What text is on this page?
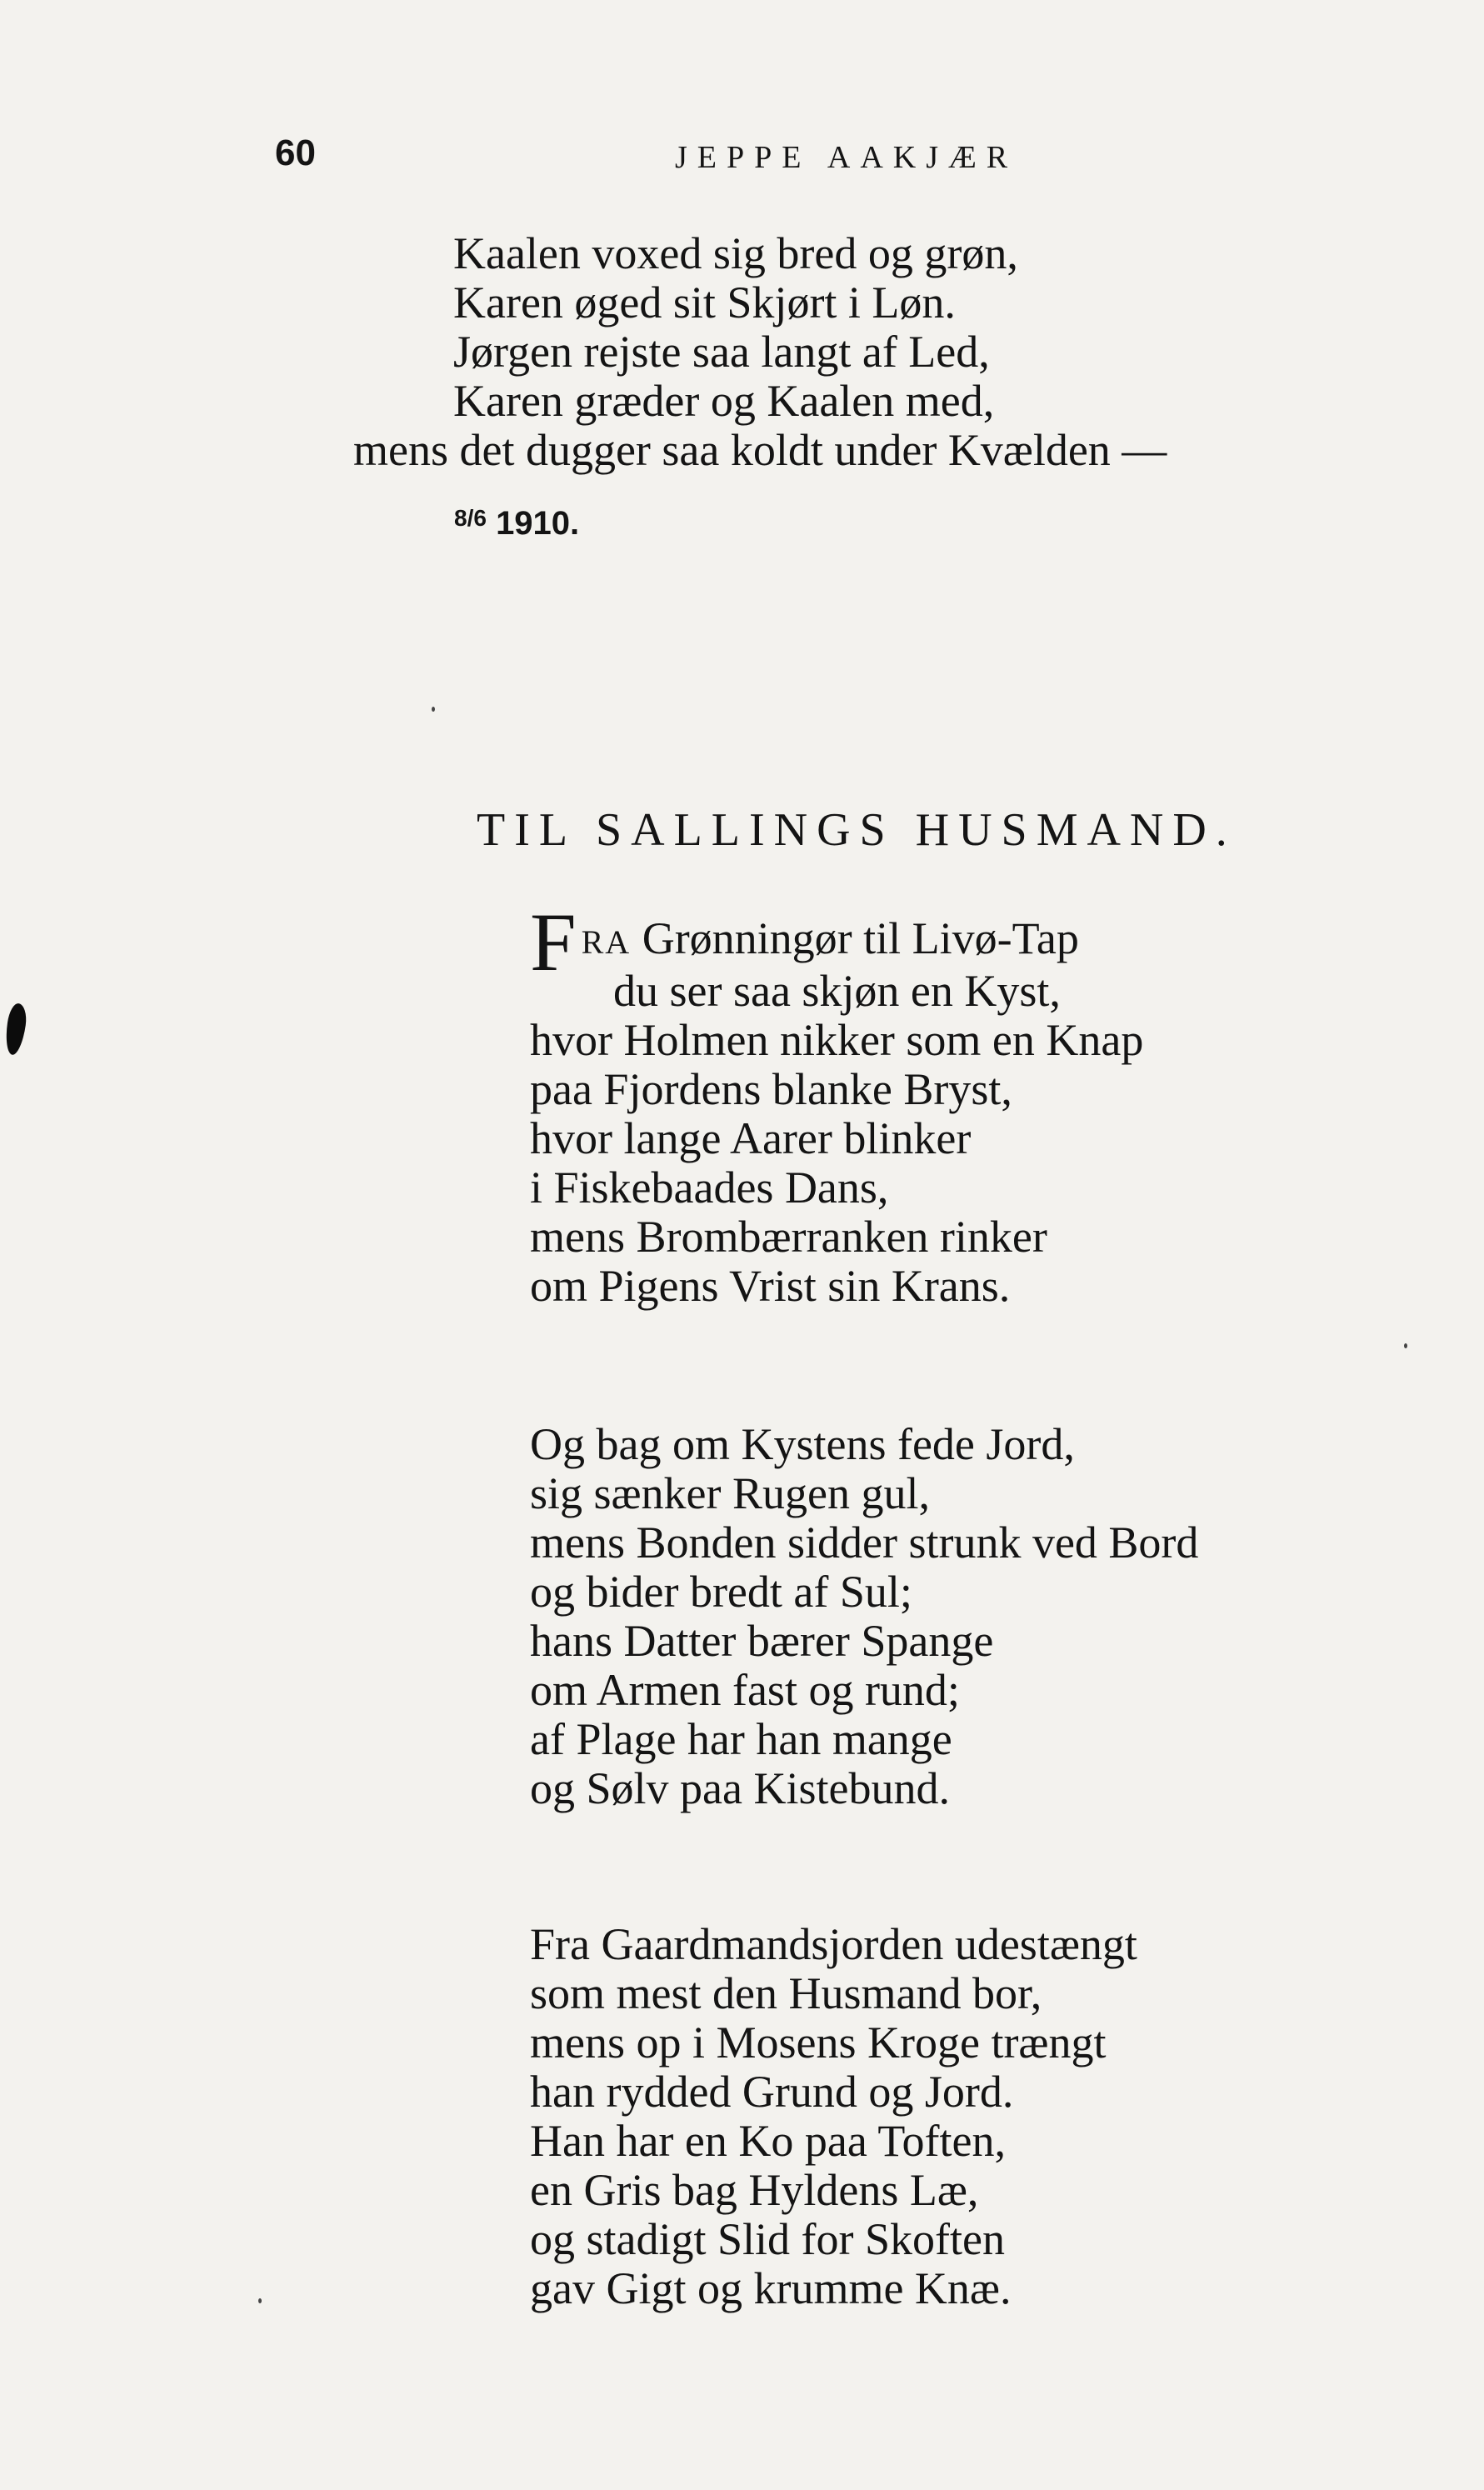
60	JEPPE AAKJÆR
Kaalen voxed sig bred og grøn,
Karen øged sit Skjørt i Løn.
Jørgen rejste saa langt af Led,
Karen græder og Kaalen med,
mens det dugger saa koldt under Kvælden —
$^{8/6}$ 1910.
TIL SALLINGS HUSMAND.
F RA Grønningør til Livø-Tap
du ser saa skjøn en Kyst,
hvor Holmen nikker som en Knap
paa Fjordens blanke Bryst,
hvor lange Aarer blinker
i Fiskebaades Dans,
mens Brombærranken rinker
om Pigens Vrist sin Krans.
Og bag om Kystens fede Jord,
sig sænker Rugen gul,
mens Bonden sidder strunk ved Bord
og bider bredt af Sul;
hans Datter bærer Spange
om Armen fast og rund;
af Plage har han mange
og Sølv paa Kistebund.
Fra Gaardmandsjorden udestængt
som mest den Husmand bor,
mens op i Mosens Kroge trængt
han rydded Grund og Jord.
Han har en Ko paa Toften,
en Gris bag Hyldens Læ,
og stadigt Slid for Skoften
gav Gigt og krumme Knæ.
